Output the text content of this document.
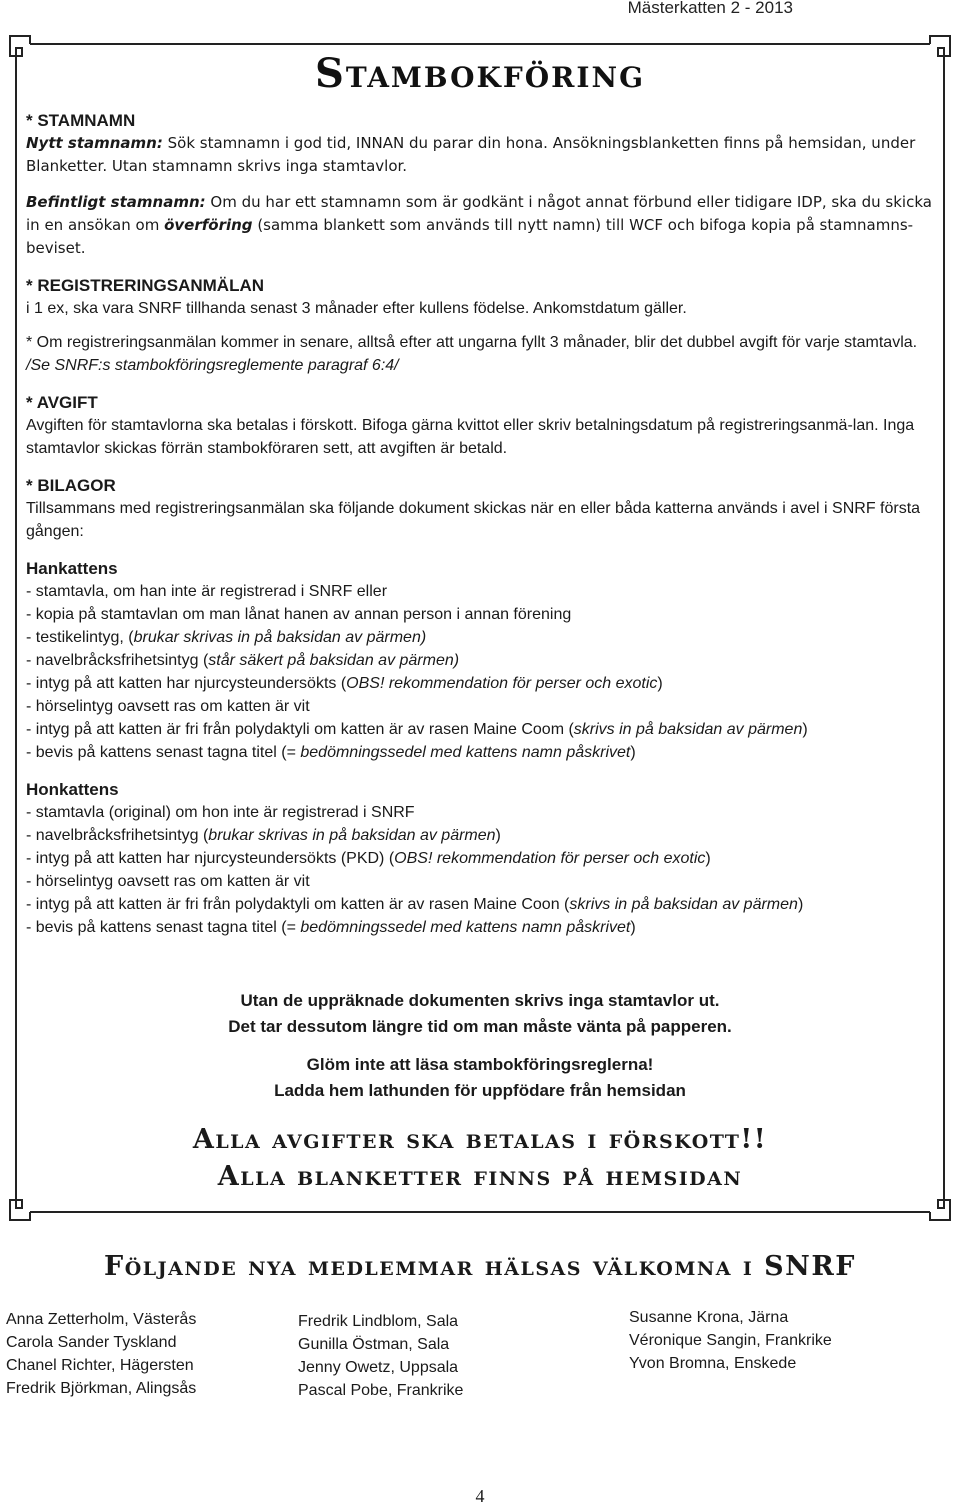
Mästerkatten 2 - 2013
Stambokföring

* STAMNAMN

Nytt stamnamn: Sök stamnamn i god tid, INNAN du parar din hona. Ansökningsblanketten finns på hemsidan, under Blanketter. Utan stamnamn skrivs inga stamtavlor.

Befintligt stamnamn: Om du har ett stamnamn som är godkänt i något annat förbund eller tidigare IDP, ska du skicka in en ansökan om överföring (samma blankett som används till nytt namn) till WCF och bifoga kopia på stamnamns-beviset.

* REGISTRERINGSANMÄLAN

i 1 ex, ska vara SNRF tillhanda senast 3 månader efter kullens födelse. Ankomstdatum gäller.

* Om registreringsanmälan kommer in senare, alltså efter att ungarna fyllt 3 månader, blir det dubbel avgift för varje stamtavla. /Se SNRF:s stambokföringsreglemente paragraf 6:4/

* AVGIFT

Avgiften för stamtavlorna ska betalas i förskott. Bifoga gärna kvittot eller skriv betalningsdatum på registreringsanmä-lan. Inga stamtavlor skickas förrän stambokföraren sett, att avgiften är betald.

* BILAGOR

Tillsammans med registreringsanmälan ska följande dokument skickas när en eller båda katterna används i avel i SNRF första gången:

Hankattens

- stamtavla, om han inte är registrerad i SNRF eller

- kopia på stamtavlan om man lånat hanen av annan person i annan förening

- testikelintyg, (brukar skrivas in på baksidan av pärmen)

- navelbråcksfrihetsintyg (står säkert på baksidan av pärmen)

- intyg på att katten har njurcysteundersökts (OBS! rekommendation för perser och exotic)

- hörselintyg oavsett ras om katten är vit

- intyg på att katten är fri från polydaktyli om katten är av rasen Maine Coom (skrivs in på baksidan av pärmen)

- bevis på kattens senast tagna titel (= bedömningssedel med kattens namn påskrivet)

Honkattens

- stamtavla (original) om hon inte är registrerad i SNRF

- navelbråcksfrihetsintyg (brukar skrivas in på baksidan av pärmen)

- intyg på att katten har njurcysteundersökts (PKD) (OBS! rekommendation för perser och exotic)

- hörselintyg oavsett ras om katten är vit

- intyg på att katten är fri från polydaktyli om katten är av rasen Maine Coon (skrivs in på baksidan av pärmen)

- bevis på kattens senast tagna titel (= bedömningssedel med kattens namn påskrivet)

Utan de uppräknade dokumenten skrivs inga stamtavlor ut.
Det tar dessutom längre tid om man måste vänta på papperen.
Glöm inte att läsa stambokföringsreglerna!
Ladda hem lathunden för uppfödare från hemsidan
Alla avgifter ska betalas i förskott!!
Alla blanketter finns på hemsidan
Följande nya medlemmar hälsas välkomna i SNRF
Anna Zetterholm, Västerås
Carola Sander Tyskland
Chanel Richter, Hägersten
Fredrik Björkman, Alingsås
Fredrik Lindblom, Sala
Gunilla Östman, Sala
Jenny Owetz, Uppsala
Pascal Pobe, Frankrike
Susanne Krona, Järna
Véronique Sangin, Frankrike
Yvon Bromna, Enskede
4
